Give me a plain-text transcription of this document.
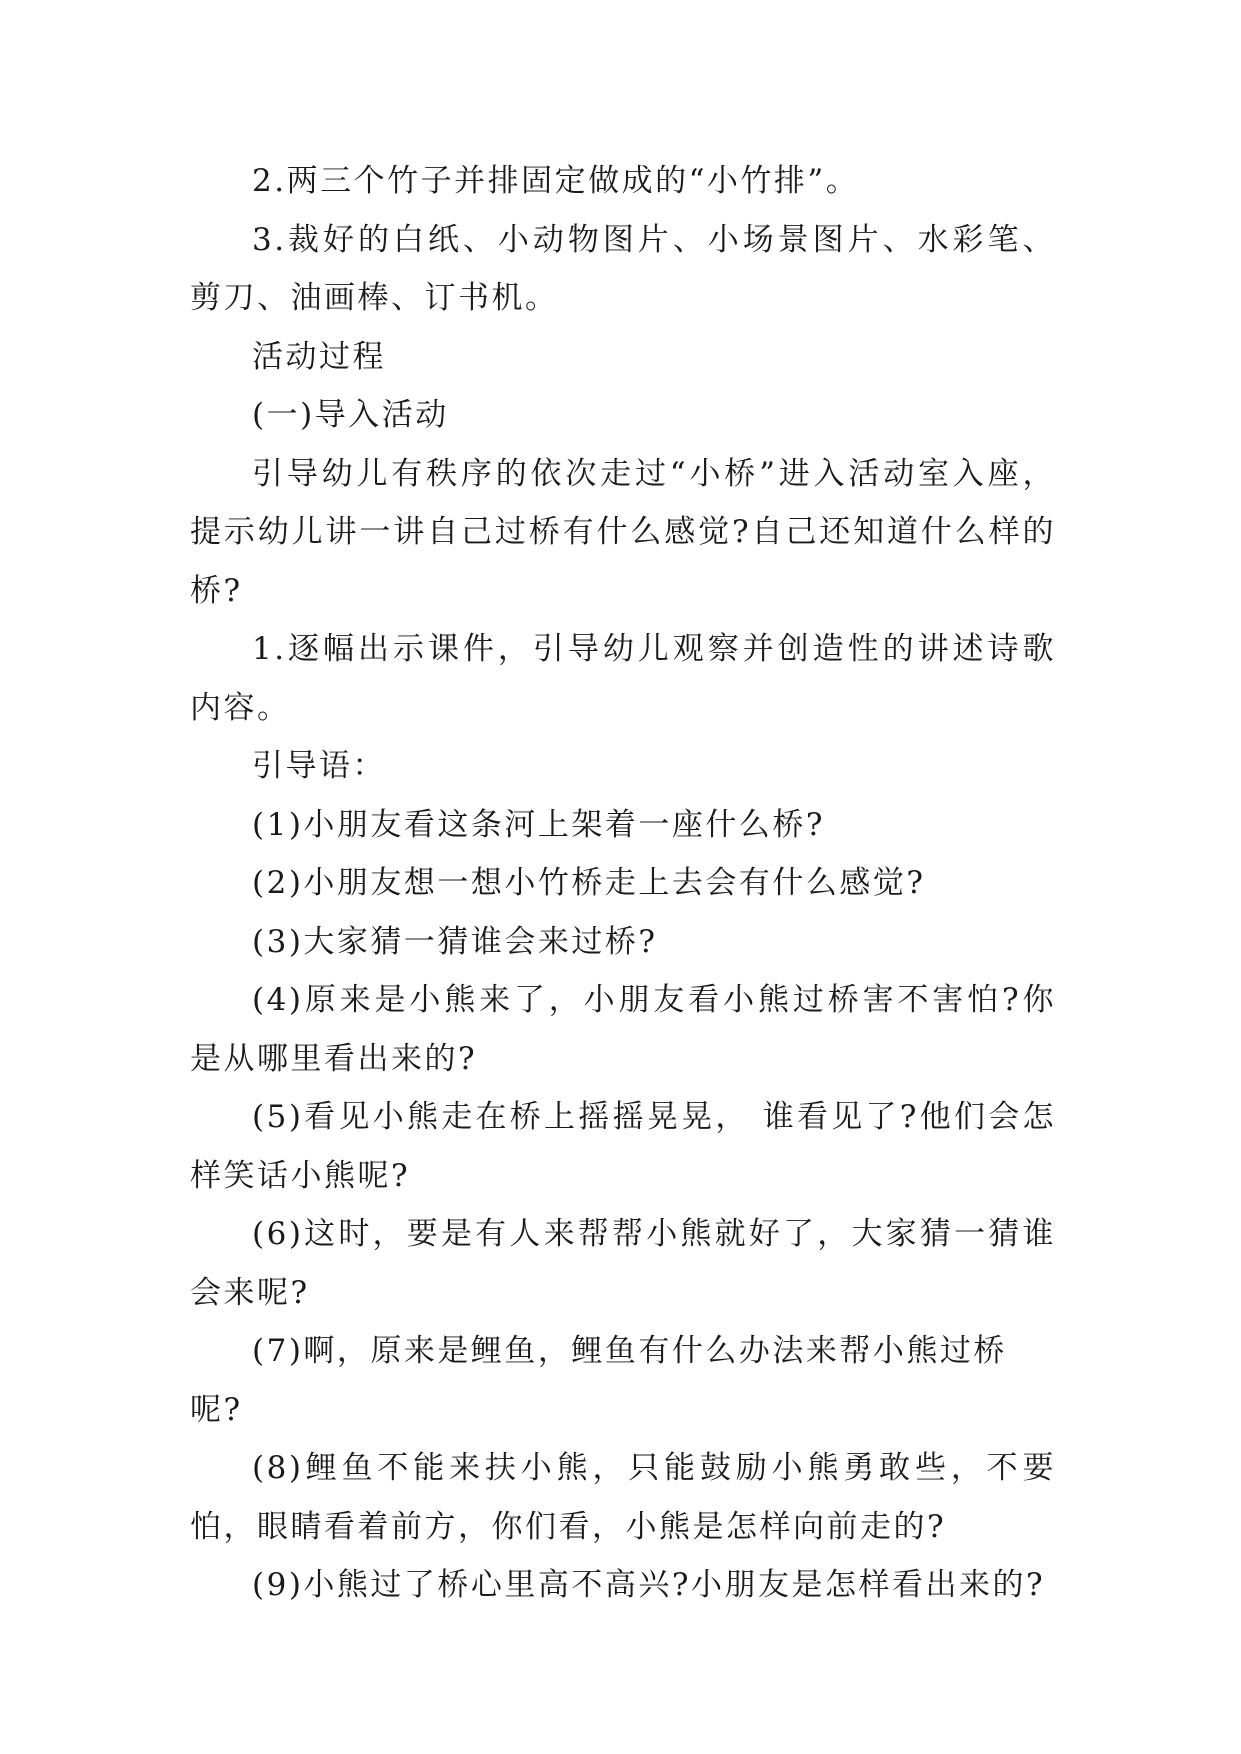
2.两三个竹子并排固定做成的“小竹排”。

3.裁好的白纸、小动物图片、小场景图片、水彩笔、剪刀、油画棒、订书机。

活动过程

(一)导入活动

引导幼儿有秩序的依次走过“小桥”进入活动室入座，提示幼儿讲一讲自己过桥有什么感觉?自己还知道什么样的桥?

1.逐幅出示课件，引导幼儿观察并创造性的讲述诗歌内容。

引导语：

(1)小朋友看这条河上架着一座什么桥?

(2)小朋友想一想小竹桥走上去会有什么感觉?

(3)大家猜一猜谁会来过桥?

(4)原来是小熊来了，小朋友看小熊过桥害不害怕?你是从哪里看出来的?

(5)看见小熊走在桥上摇摇晃晃， 谁看见了?他们会怎样笑话小熊呢?

(6)这时，要是有人来帮帮小熊就好了，大家猜一猜谁会来呢?

(7)啊，原来是鲤鱼，鲤鱼有什么办法来帮小熊过桥呢?

(8)鲤鱼不能来扶小熊，只能鼓励小熊勇敢些，不要怕，眼睛看着前方，你们看，小熊是怎样向前走的?

(9)小熊过了桥心里高不高兴?小朋友是怎样看出来的?
